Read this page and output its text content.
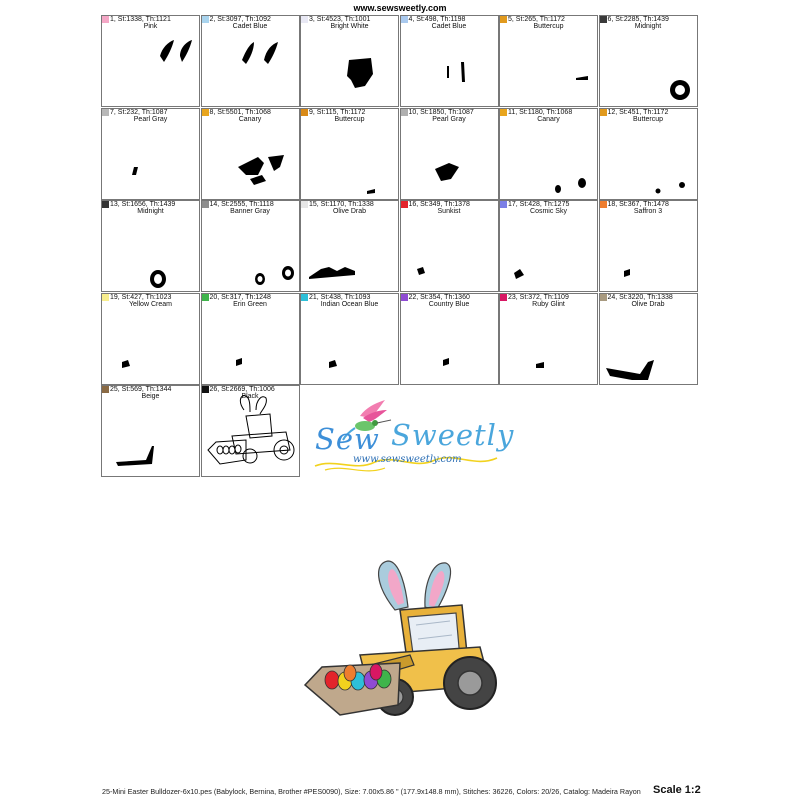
www.sewsweetly.com
1, St:1338, Th:1121
Pink
2, St:3097, Th:1092
Cadet Blue
3, St:4523, Th:1001
Bright White
4, St:498, Th:1198
Cadet Blue
5, St:265, Th:1172
Buttercup
6, St:2285, Th:1439
Midnight
7, St:232, Th:1087
Pearl Gray
8, St:5501, Th:1068
Canary
9, St:115, Th:1172
Buttercup
10, St:1850, Th:1087
Pearl Gray
11, St:1180, Th:1068
Canary
12, St:451, Th:1172
Buttercup
13, St:1656, Th:1439
Midnight
14, St:2555, Th:1118
Banner Gray
15, St:1170, Th:1338
Olive Drab
16, St:349, Th:1378
Sunkist
17, St:428, Th:1275
Cosmic Sky
18, St:367, Th:1478
Saffron 3
19, St:427, Th:1023
Yellow Cream
20, St:317, Th:1248
Erin Green
21, St:438, Th:1093
Indian Ocean Blue
22, St:354, Th:1360
Country Blue
23, St:372, Th:1109
Ruby Glint
24, St:3220, Th:1338
Olive Drab
25, St:569, Th:1344
Beige
26, St:2669, Th:1006
Black
Sew Sweetly
www.sewsweetly.com
25-Mini Easter Bulldozer-6x10.pes (Babylock, Bernina, Brother #PES0090), Size: 7.00x5.86 " (177.9x148.8 mm), Stitches: 36226, Colors: 20/26, Catalog: Madeira Rayon Scale 1:2
